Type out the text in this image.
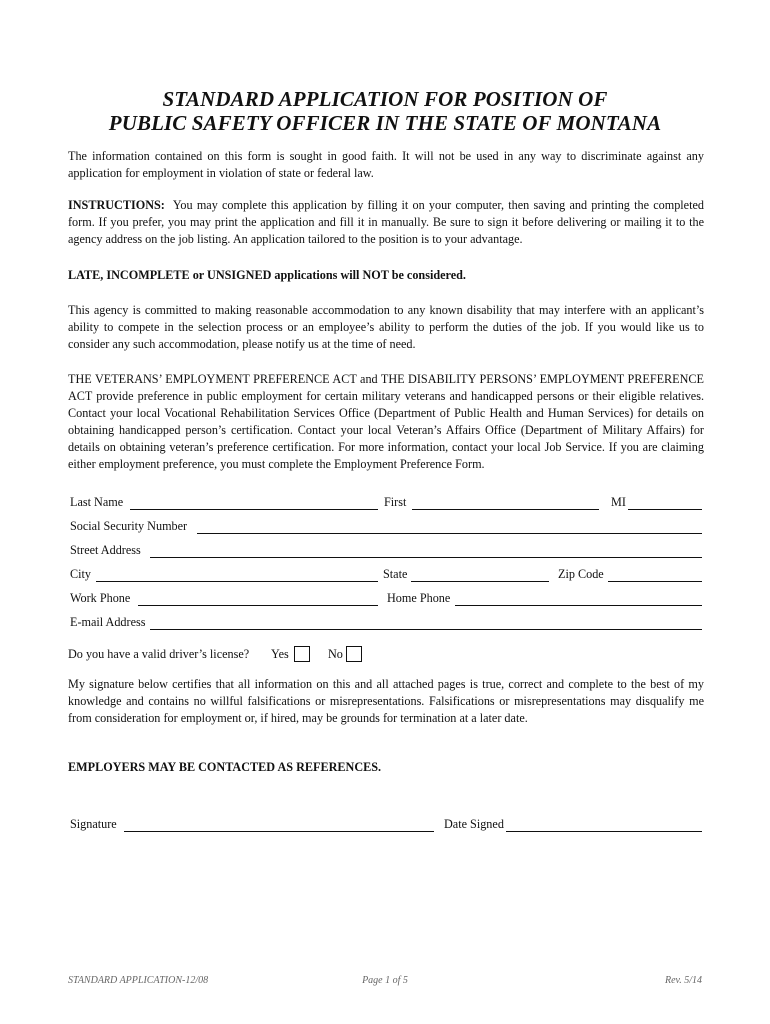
STANDARD APPLICATION FOR POSITION OF
PUBLIC SAFETY OFFICER IN THE STATE OF MONTANA
The information contained on this form is sought in good faith. It will not be used in any way to discriminate against any application for employment in violation of state or federal law.
INSTRUCTIONS: You may complete this application by filling it on your computer, then saving and printing the completed form. If you prefer, you may print the application and fill it in manually. Be sure to sign it before delivering or mailing it to the agency address on the job listing. An application tailored to the position is to your advantage.
LATE, INCOMPLETE or UNSIGNED applications will NOT be considered.
This agency is committed to making reasonable accommodation to any known disability that may interfere with an applicant’s ability to compete in the selection process or an employee’s ability to perform the duties of the job. If you would like us to consider any such accommodation, please notify us at the time of need.
THE VETERANS’ EMPLOYMENT PREFERENCE ACT and THE DISABILITY PERSONS’ EMPLOYMENT PREFERENCE ACT provide preference in public employment for certain military veterans and handicapped persons or their eligible relatives. Contact your local Vocational Rehabilitation Services Office (Department of Public Health and Human Services) for details on obtaining handicapped person’s certification. Contact your local Veteran’s Affairs Office (Department of Military Affairs) for details on obtaining veteran’s preference certification. For more information, contact your local Job Service. If you are claiming either employment preference, you must complete the Employment Preference Form.
Last Name	First	MI
Social Security Number
Street Address
City	State	Zip Code
Work Phone	Home Phone
E-mail Address
Do you have a valid driver’s license? Yes	No
My signature below certifies that all information on this and all attached pages is true, correct and complete to the best of my knowledge and contains no willful falsifications or misrepresentations. Falsifications or misrepresentations may disqualify me from consideration for employment or, if hired, may be grounds for termination at a later date.
EMPLOYERS MAY BE CONTACTED AS REFERENCES.
Signature	Date Signed
STANDARD APPLICATION-12/08	Page 1 of 5	Rev. 5/14
